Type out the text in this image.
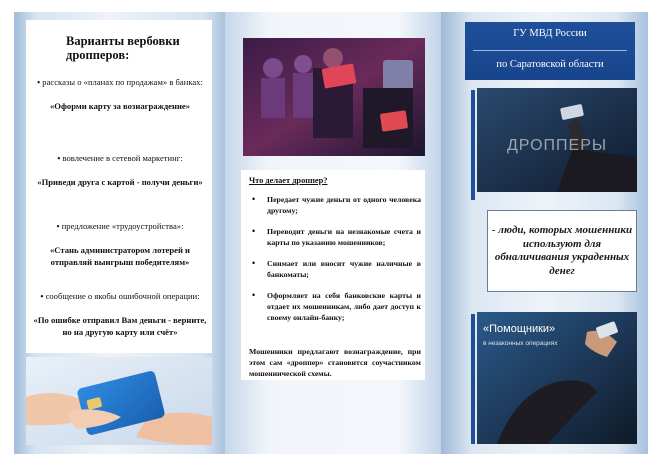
Варианты вербовки дропперов:
• рассказы о «планах по продажам» в банках:

«Оформи карту за вознаграждение»
• вовлечение в сетевой маркетинг:

«Приведи друга с картой - получи деньги»
• предложение «трудоустройства»:

«Стань администратором лотерей и отправляй выигрыш победителям»
• сообщение о якобы ошибочной операции:

«По ошибке отправил Вам деньги - верните, но на другую карту или счёт»
Что делает дроппер?
• Передает чужие деньги от одного человека другому;
• Переводит деньги на незнакомые счета и карты по указанию мошенников;
• Снимает или вносит чужие наличные в банкоматы;
• Оформляет на себя банковские карты и отдает их мошенникам, либо дает доступ к своему онлайн-банку;
Мошенники предлагают вознаграждение, при этом сам «дроппер» становится соучастником мошеннической схемы.
ГУ МВД России
по Саратовской области
ДРОППЕРЫ
- люди, которых мошенники используют для обналичивания украденных денег
«Помощники»
в незаконных операциях
